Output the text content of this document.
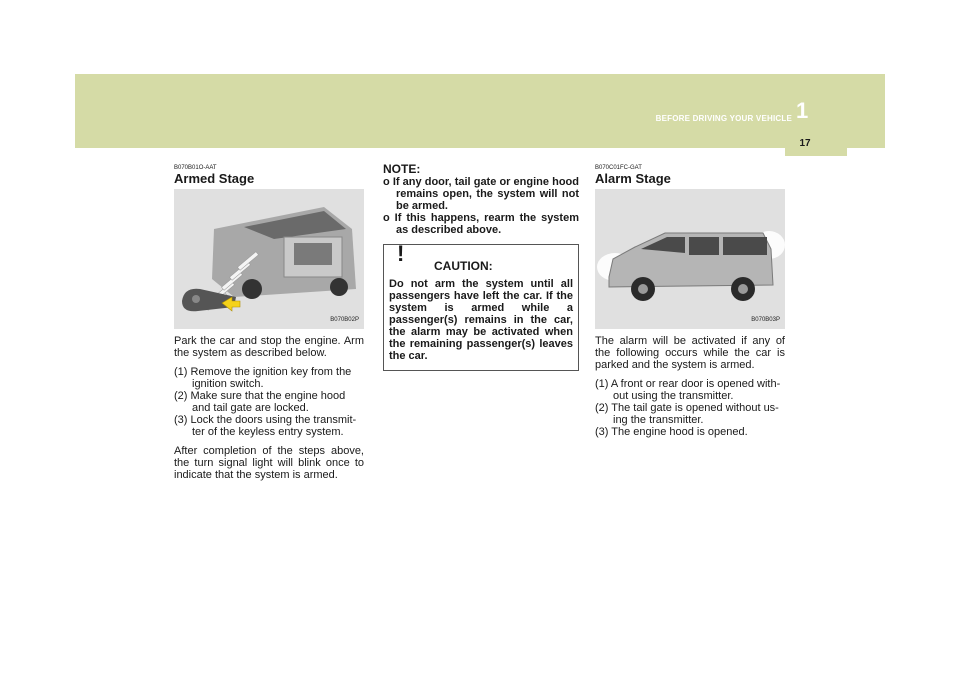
BEFORE DRIVING YOUR VEHICLE 1
17
B070B01O-AAT
Armed Stage
B070B02P

Park the car and stop the engine. Arm the system as described below.

(1) Remove the ignition key from the ignition switch.

(2) Make sure that the engine hood and tail gate are locked.

(3) Lock the doors using the transmit- ter of the keyless entry system.

After completion of the steps above, the turn signal light will blink once to indicate that the system is armed.

NOTE:

o If any door, tail gate or engine hood remains open, the system will not be armed.

o If this happens, rearm the system as described above.

! CAUTION:

Do not arm the system until all passengers have left the car. If the system is armed while a passenger(s) remains in the car, the alarm may be activated when the remaining passenger(s) leaves the car.

B070C01FC-GAT
Alarm Stage
B070B03P

The alarm will be activated if any of the following occurs while the car is parked and the system is armed.

(1) A front or rear door is opened with- out using the transmitter.

(2) The tail gate is opened without us- ing the transmitter.

(3) The engine hood is opened.
